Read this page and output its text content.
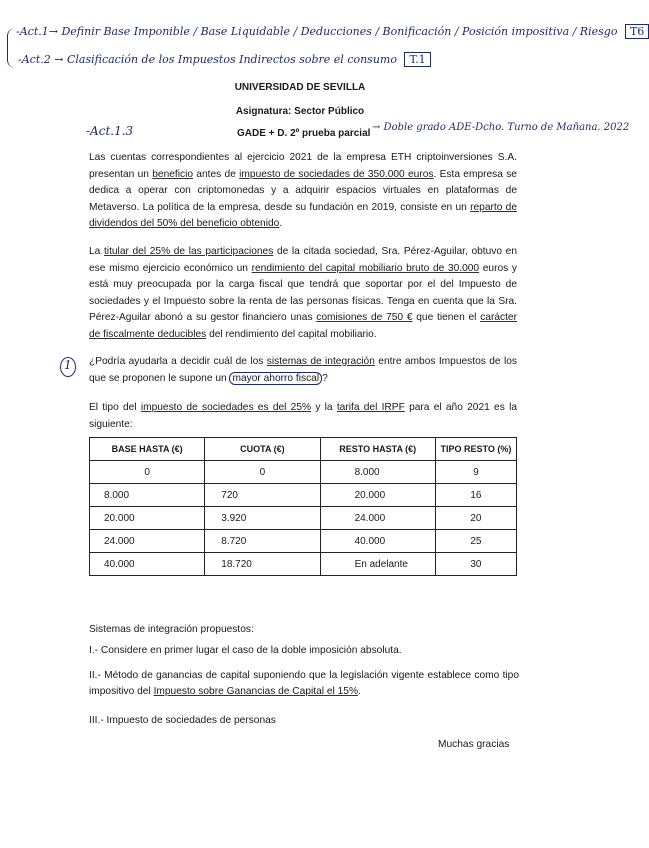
-Act.1→ Definir Base Imponible / Base Liquidable / Deducciones / Bonificación / Posición impositiva / Riesgo T6
-Act.2 → Clasificación de los Impuestos Indirectos sobre el consumo T.1
-Act.1.3	→ Doble grado ADE-Dcho. Turno de Mañana. 2022
1
UNIVERSIDAD DE SEVILLA
Asignatura: Sector Público
GADE + D. 2º prueba parcial
Las cuentas correspondientes al ejercicio 2021 de la empresa ETH criptoinversiones S.A. presentan un beneficio antes de impuesto de sociedades de 350.000 euros. Esta empresa se dedica a operar con criptomonedas y a adquirir espacios virtuales en plataformas de Metaverso. La política de la empresa, desde su fundación en 2019, consiste en un reparto de dividendos del 50% del beneficio obtenido.
La titular del 25% de las participaciones de la citada sociedad, Sra. Pérez-Aguilar, obtuvo en ese mismo ejercicio económico un rendimiento del capital mobiliario bruto de 30.000 euros y está muy preocupada por la carga fiscal que tendrá que soportar por el del Impuesto de sociedades y el Impuesto sobre la renta de las personas físicas. Tenga en cuenta que la Sra. Pérez-Aguilar abonó a su gestor financiero unas comisiones de 750 € que tienen el carácter de fiscalmente deducibles del rendimiento del capital mobiliario.
¿Podría ayudarla a decidir cuál de los sistemas de integración entre ambos Impuestos de los que se proponen le supone un mayor ahorro fiscal ?
El tipo del impuesto de sociedades es del 25% y la tarifa del IRPF para el año 2021 es la siguiente:
BASE HASTA (€)	CUOTA (€)	RESTO HASTA (€)	TIPO RESTO (%)
0	0	8.000	9
8.000	720	20.000	16
20.000	3.920	24.000	20
24.000	8.720	40.000	25
40.000	18.720	En adelante	30
Sistemas de integración propuestos:
I.- Considere en primer lugar el caso de la doble imposición absoluta.
II.- Método de ganancias de capital suponiendo que la legislación vigente establece como tipo impositivo del Impuesto sobre Ganancias de Capital el 15%.
III.- Impuesto de sociedades de personas
Muchas gracias
